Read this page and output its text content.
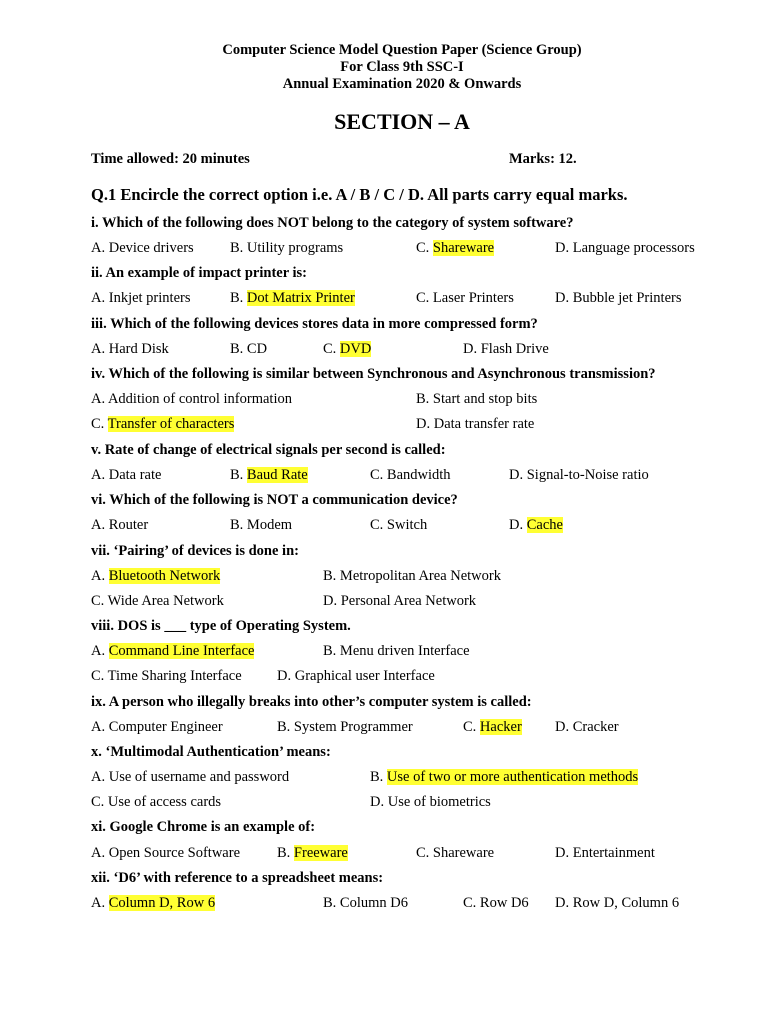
Computer Science Model Question Paper (Science Group)
For Class 9th SSC-I
Annual Examination 2020 & Onwards
SECTION – A
Time allowed: 20 minutes	Marks: 12.
Q.1 Encircle the correct option i.e. A / B / C / D. All parts carry equal marks.
i. Which of the following does NOT belong to the category of system software?
A. Device drivers	B. Utility programs	C. Shareware	D. Language processors
ii. An example of impact printer is:
A. Inkjet printers	B. Dot Matrix Printer	C. Laser Printers	D. Bubble jet Printers
iii. Which of the following devices stores data in more compressed form?
A. Hard Disk	B. CD	C. DVD	D. Flash Drive
iv. Which of the following is similar between Synchronous and Asynchronous transmission?
A. Addition of control information	B. Start and stop bits
C. Transfer of characters	D. Data transfer rate
v. Rate of change of electrical signals per second is called:
A. Data rate	B. Baud Rate	C. Bandwidth	D. Signal-to-Noise ratio
vi. Which of the following is NOT a communication device?
A. Router	B. Modem	C. Switch	D. Cache
vii. ‘Pairing’ of devices is done in:
A. Bluetooth Network	B. Metropolitan Area Network
C. Wide Area Network	D. Personal Area Network
viii. DOS is ___ type of Operating System.
A. Command Line Interface	B. Menu driven Interface
C. Time Sharing Interface D. Graphical user Interface
ix. A person who illegally breaks into other’s computer system is called:
A. Computer Engineer	B. System Programmer	C. Hacker D. Cracker
x. ‘Multimodal Authentication’ means:
A. Use of username and password	B. Use of two or more authentication methods
C. Use of access cards	D. Use of biometrics
xi. Google Chrome is an example of:
A. Open Source Software	B. Freeware	C. Shareware	D. Entertainment
xii. ‘D6’ with reference to a spreadsheet means:
A. Column D, Row 6	B. Column D6	C. Row D6 D. Row D, Column 6
